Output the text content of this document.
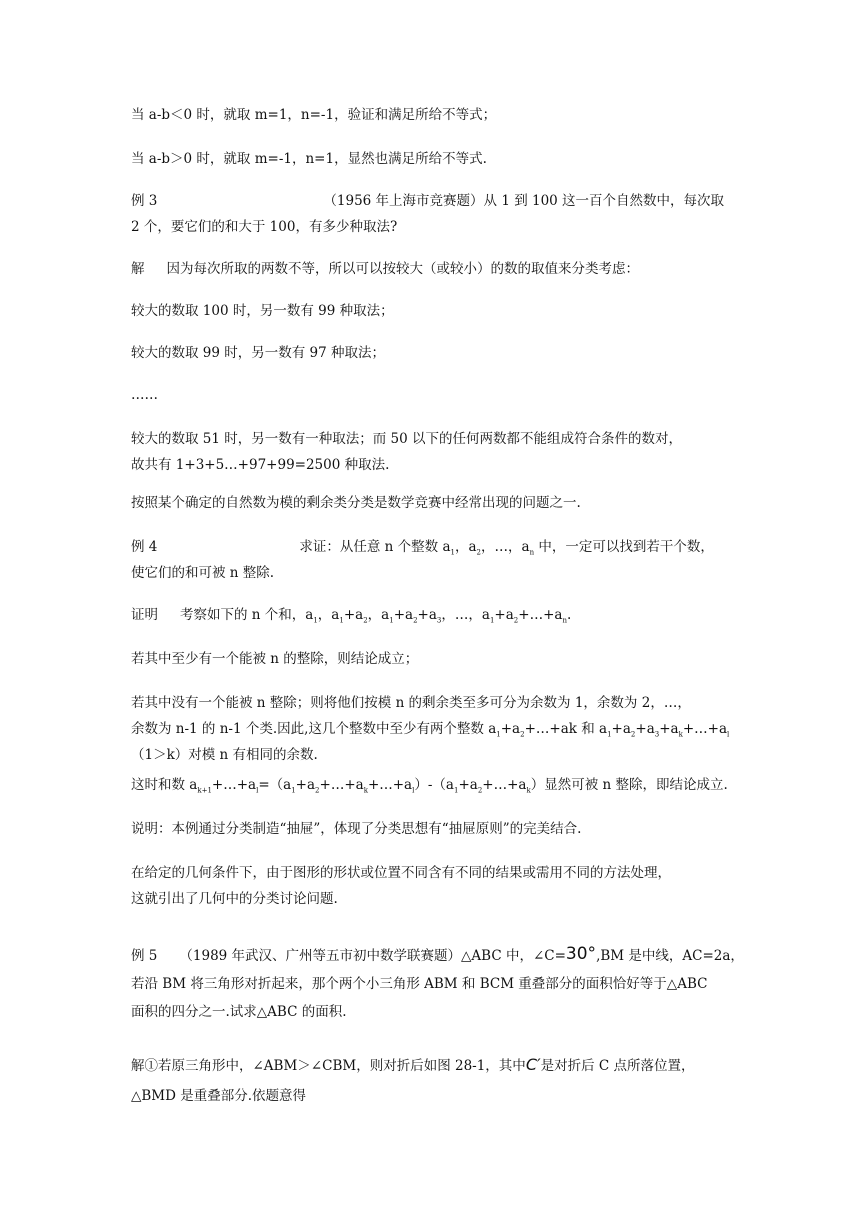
当 a-b＜0 时，就取 m=1，n=-1，验证和满足所给不等式；
当 a-b＞0 时，就取 m=-1，n=1，显然也满足所给不等式.
例 3	（1956 年上海市竞赛题）从 1 到 100 这一百个自然数中，每次取
2 个，要它们的和大于 100，有多少种取法?
解 因为每次所取的两数不等，所以可以按较大（或较小）的数的取值来分类考虑：
较大的数取 100 时，另一数有 99 种取法；
较大的数取 99 时，另一数有 97 种取法；
……
较大的数取 51 时，另一数有一种取法；而 50 以下的任何两数都不能组成符合条件的数对，
故共有 1+3+5…+97+99=2500 种取法.
按照某个确定的自然数为模的剩余类分类是数学竞赛中经常出现的问题之一.
例 4	求证：从任意 n 个整数 $a_1$，$a_2$，…，$a_n$ 中，一定可以找到若干个数，
使它们的和可被 n 整除.
证明 考察如下的 n 个和，$a_1$，$a_1+a_2$，$a_1+a_2+a_3$，…，$a_1+a_2+\dots+a_n$.
若其中至少有一个能被 n 的整除，则结论成立；
若其中没有一个能被 n 整除；则将他们按模 n 的剩余类至多可分为余数为 1，余数为 2，…，
余数为 n-1 的 n-1 个类.因此,这几个整数中至少有两个整数 $a_1+a_2+\dots+ak$ 和 $a_1+a_2+a_3+a_k+\dots+a_l$
（1＞k）对模 n 有相同的余数.
这时和数 $a_{k+1}+\dots+a_l=(a_1+a_2+\dots+a_k+\dots+a_l)-(a_1+a_2+\dots+a_k)$显然可被 n 整除，即结论成立.
说明：本例通过分类制造“抽屉”，体现了分类思想有“抽屉原则”的完美结合.
在给定的几何条件下，由于图形的形状或位置不同含有不同的结果或需用不同的方法处理，
这就引出了几何中的分类讨论问题.
例 5 （1989 年武汉、广州等五市初中数学联赛题）△ABC 中，∠C=30°,BM 是中线，AC=2a，
若沿 BM 将三角形对折起来，那个两个小三角形 ABM 和 BCM 重叠部分的面积恰好等于△ABC
面积的四分之一.试求△ABC 的面积.
解①若原三角形中，∠ABM＞∠CBM，则对折后如图 28-1，其中C′是对折后 C 点所落位置，
△BMD 是重叠部分.依题意得
